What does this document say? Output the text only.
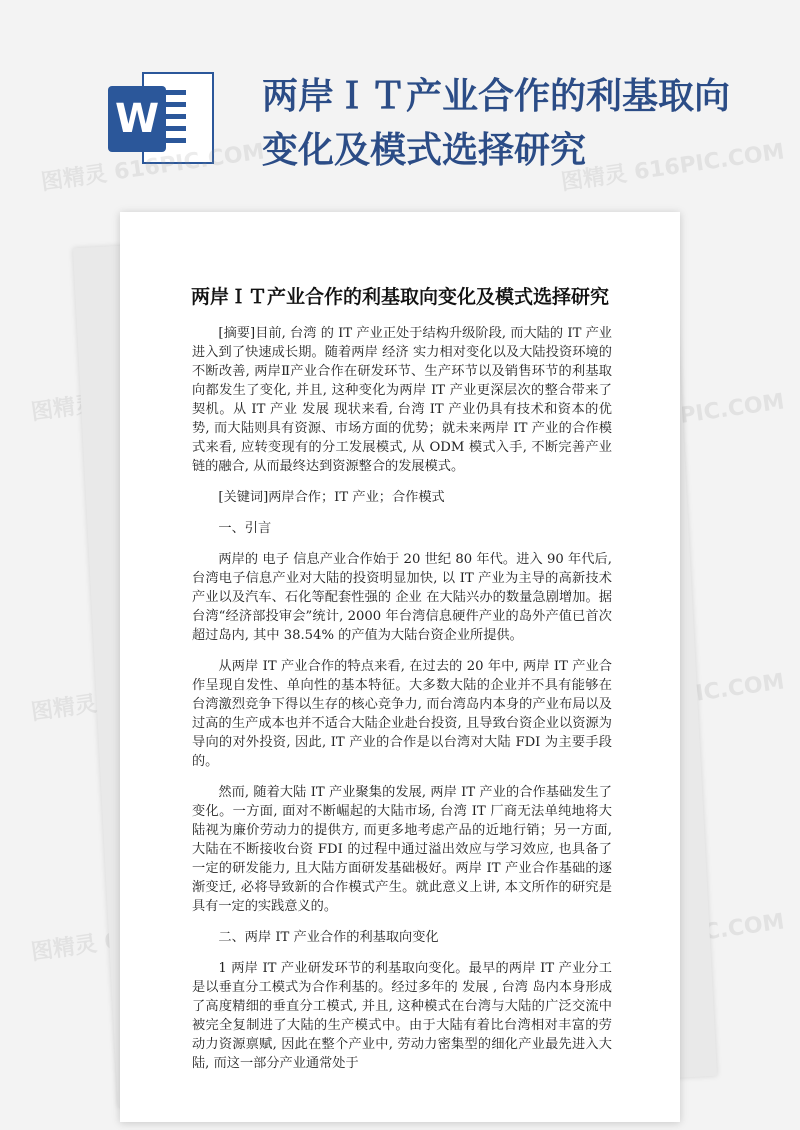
W	两岸ＩＴ产业合作的利基取向变化及模式选择研究
图精灵 616PIC.COM	图精灵 616PIC.COM
图精灵	616PIC.COM
图精灵	616PIC.COM
图精灵
两岸ＩＴ产业合作的利基取向变化及模式选择研究

[摘要]目前, 台湾 的 IT 产业正处于结构升级阶段, 而大陆的 IT 产业进入到了快速成长期。随着两岸 经济 实力相对变化以及大陆投资环境的不断改善, 两岸Ⅱ产业合作在研发环节、生产环节以及销售环节的利基取向都发生了变化, 并且, 这种变化为两岸 IT 产业更深层次的整合带来了契机。从 IT 产业 发展 现状来看, 台湾 IT 产业仍具有技术和资本的优势, 而大陆则具有资源、市场方面的优势；就未来两岸 IT 产业的合作模式来看, 应转变现有的分工发展模式, 从 ODM 模式入手, 不断完善产业链的融合, 从而最终达到资源整合的发展模式。

[关键词]两岸合作；IT 产业；合作模式

一、引言

两岸的 电子 信息产业合作始于 20 世纪 80 年代。进入 90 年代后, 台湾电子信息产业对大陆的投资明显加快, 以 IT 产业为主导的高新技术产业以及汽车、石化等配套性强的 企业 在大陆兴办的数量急剧增加。据台湾“经济部投审会”统计, 2000 年台湾信息硬件产业的岛外产值已首次超过岛内, 其中 38.54% 的产值为大陆台资企业所提供。

从两岸 IT 产业合作的特点来看, 在过去的 20 年中, 两岸 IT 产业合作呈现自发性、单向性的基本特征。大多数大陆的企业并不具有能够在台湾激烈竞争下得以生存的核心竞争力, 而台湾岛内本身的产业布局以及过高的生产成本也并不适合大陆企业赴台投资, 且导致台资企业以资源为导向的对外投资, 因此, IT 产业的合作是以台湾对大陆 FDI 为主要手段的。

然而, 随着大陆 IT 产业聚集的发展, 两岸 IT 产业的合作基础发生了变化。一方面, 面对不断崛起的大陆市场, 台湾 IT 厂商无法单纯地将大陆视为廉价劳动力的提供方, 而更多地考虑产品的近地行销；另一方面, 大陆在不断接收台资 FDI 的过程中通过溢出效应与学习效应, 也具备了一定的研发能力, 且大陆方面研发基础极好。两岸 IT 产业合作基础的逐渐变迁, 必将导致新的合作模式产生。就此意义上讲, 本文所作的研究是具有一定的实践意义的。

二、两岸 IT 产业合作的利基取向变化

1 两岸 IT 产业研发环节的利基取向变化。最早的两岸 IT 产业分工是以垂直分工模式为合作利基的。经过多年的 发展 , 台湾 岛内本身形成了高度精细的垂直分工模式, 并且, 这种模式在台湾与大陆的广泛交流中被完全复制进了大陆的生产模式中。由于大陆有着比台湾相对丰富的劳动力资源禀赋, 因此在整个产业中, 劳动力密集型的细化产业最先进入大陆, 而这一部分产业通常处于
